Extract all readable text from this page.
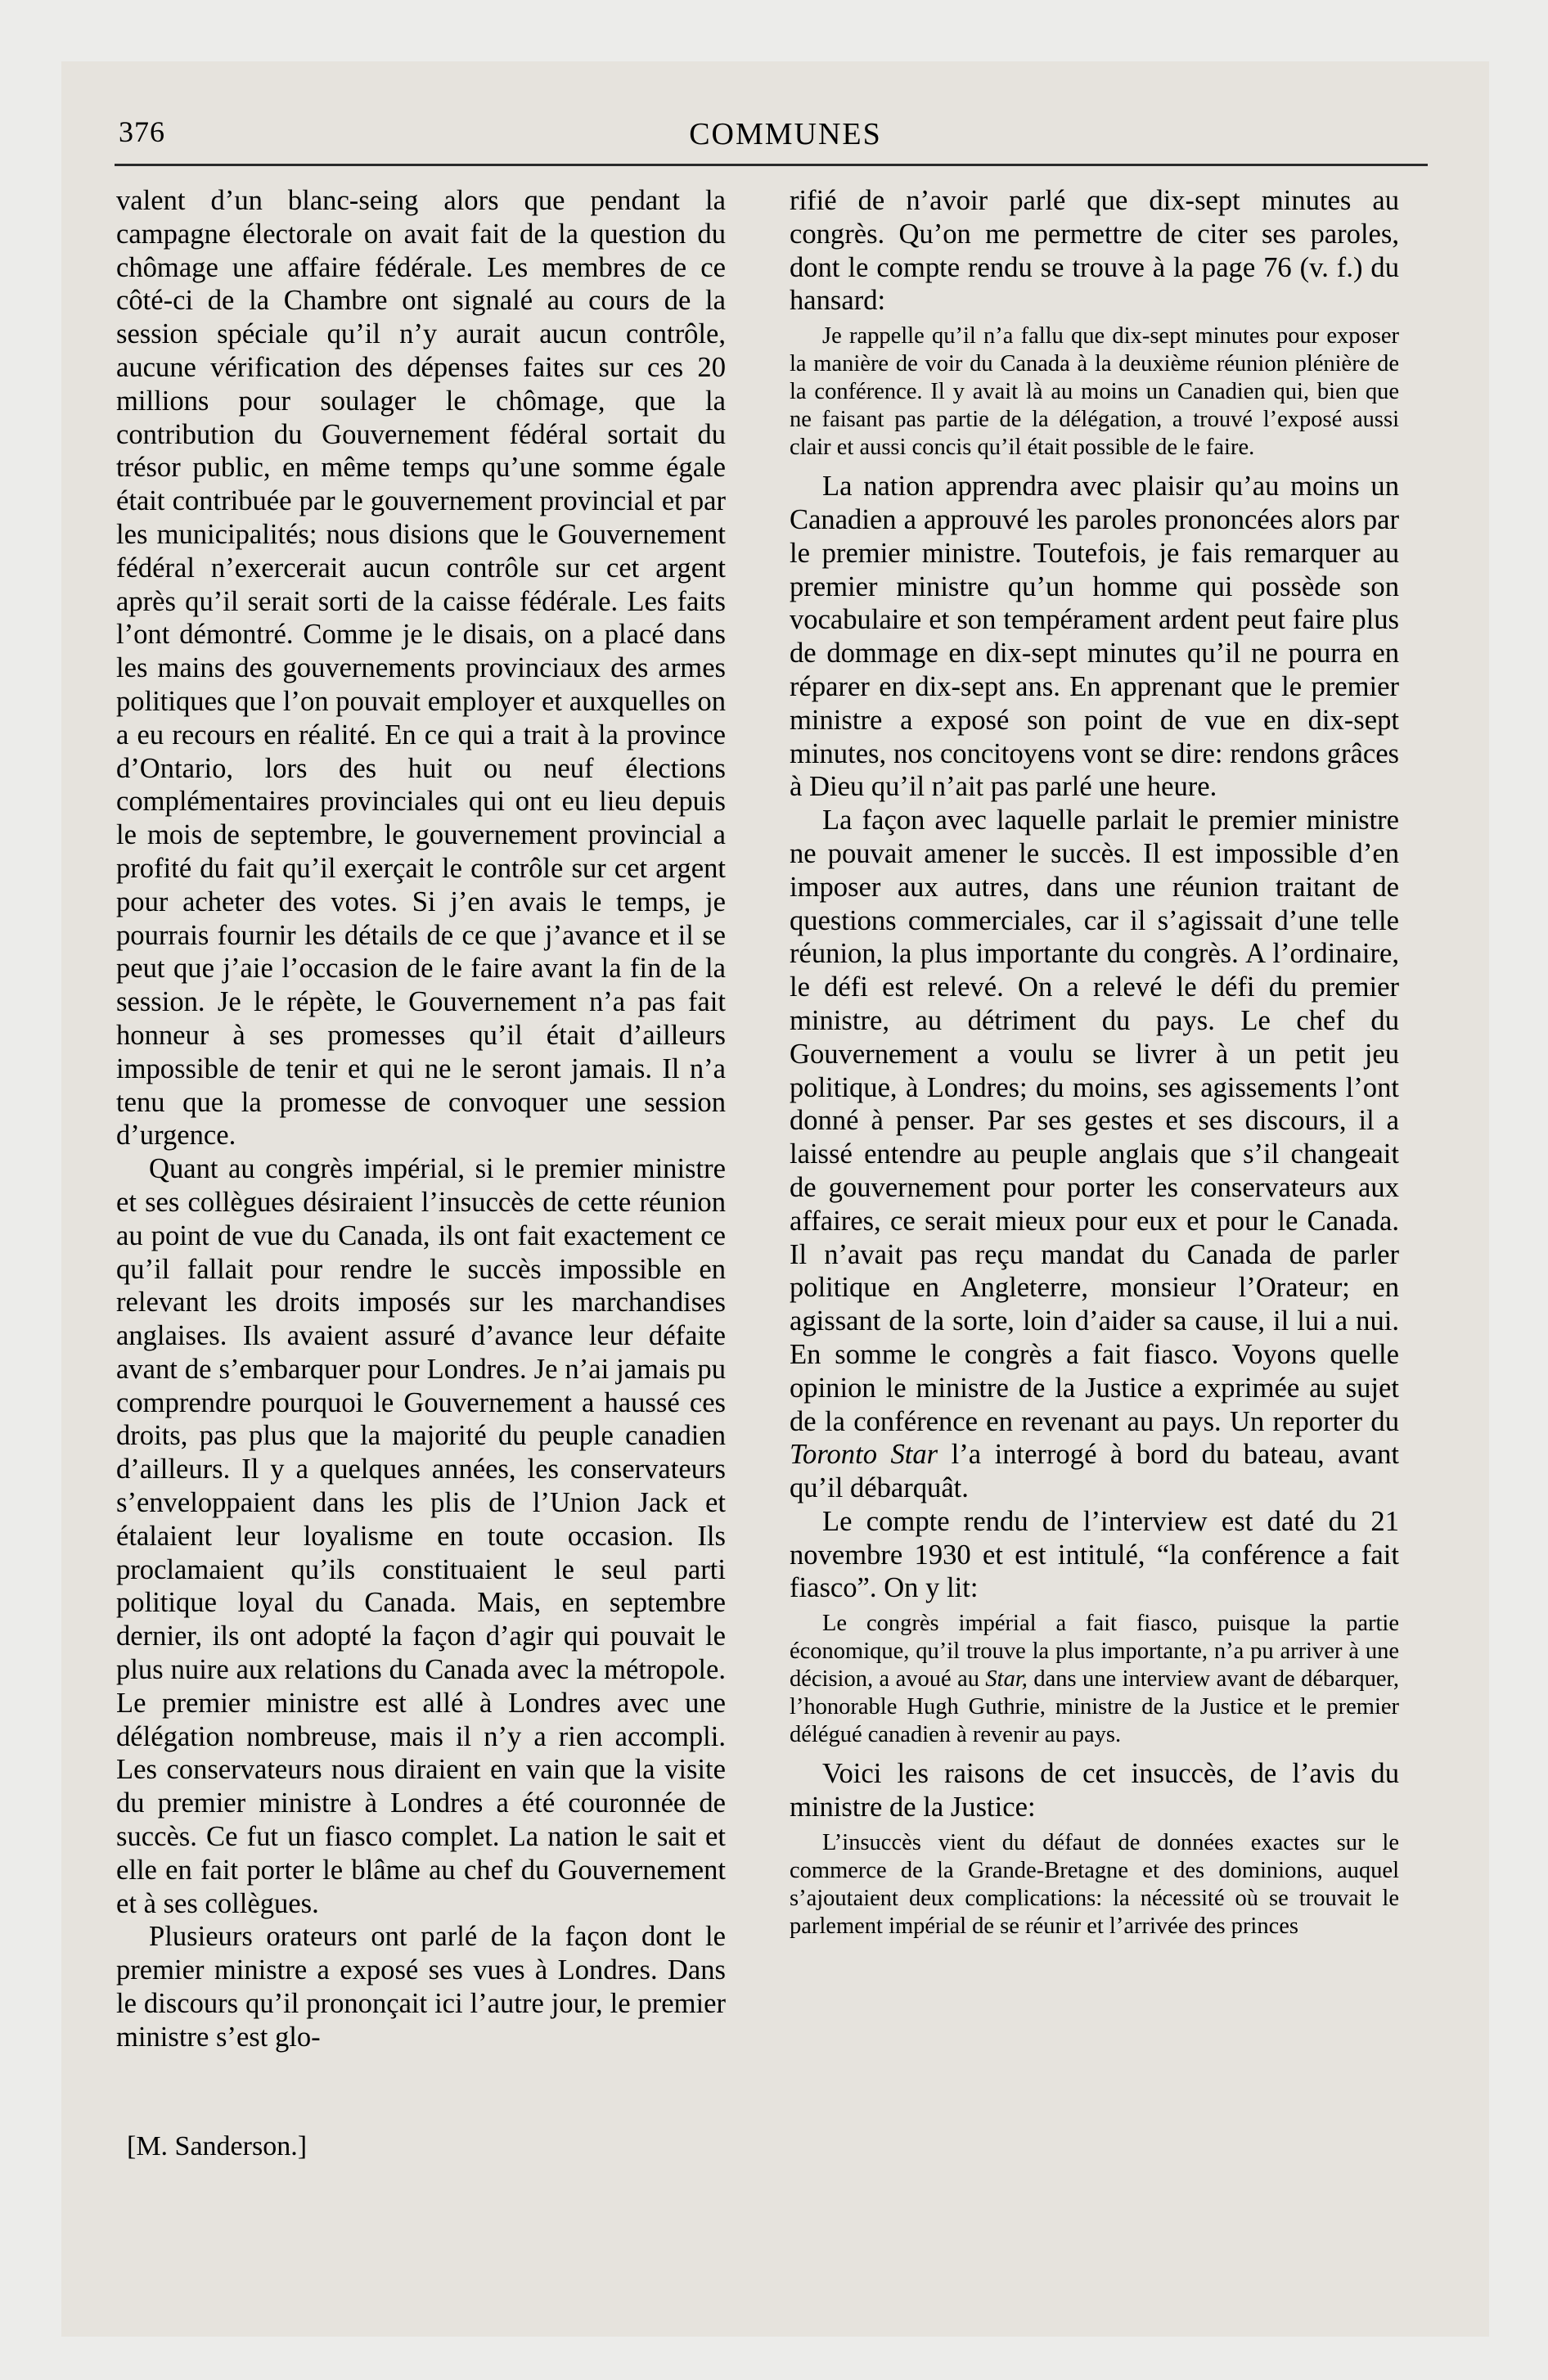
376	COMMUNES

valent d’un blanc-seing alors que pendant la campagne électorale on avait fait de la question du chômage une affaire fédérale. Les membres de ce côté-ci de la Chambre ont signalé au cours de la session spéciale qu’il n’y aurait aucun contrôle, aucune vérification des dépenses faites sur ces 20 millions pour soulager le chômage, que la contribution du Gouvernement fédéral sortait du trésor public, en même temps qu’une somme égale était contribuée par le gouvernement provincial et par les municipalités; nous disions que le Gouvernement fédéral n’exercerait aucun contrôle sur cet argent après qu’il serait sorti de la caisse fédérale. Les faits l’ont démontré. Comme je le disais, on a placé dans les mains des gouvernements provinciaux des armes politiques que l’on pouvait employer et auxquelles on a eu recours en réalité. En ce qui a trait à la province d’Ontario, lors des huit ou neuf élections complémentaires provinciales qui ont eu lieu depuis le mois de septembre, le gouvernement provincial a profité du fait qu’il exerçait le contrôle sur cet argent pour acheter des votes. Si j’en avais le temps, je pourrais fournir les détails de ce que j’avance et il se peut que j’aie l’occasion de le faire avant la fin de la session. Je le répète, le Gouvernement n’a pas fait honneur à ses promesses qu’il était d’ailleurs impossible de tenir et qui ne le seront jamais. Il n’a tenu que la promesse de convoquer une session d’urgence.

Quant au congrès impérial, si le premier ministre et ses collègues désiraient l’insuccès de cette réunion au point de vue du Canada, ils ont fait exactement ce qu’il fallait pour rendre le succès impossible en relevant les droits imposés sur les marchandises anglaises. Ils avaient assuré d’avance leur défaite avant de s’embarquer pour Londres. Je n’ai jamais pu comprendre pourquoi le Gouvernement a haussé ces droits, pas plus que la majorité du peuple canadien d’ailleurs. Il y a quelques années, les conservateurs s’enveloppaient dans les plis de l’Union Jack et étalaient leur loyalisme en toute occasion. Ils proclamaient qu’ils constituaient le seul parti politique loyal du Canada. Mais, en septembre dernier, ils ont adopté la façon d’agir qui pouvait le plus nuire aux relations du Canada avec la métropole. Le premier ministre est allé à Londres avec une délégation nombreuse, mais il n’y a rien accompli. Les conservateurs nous diraient en vain que la visite du premier ministre à Londres a été couronnée de succès. Ce fut un fiasco complet. La nation le sait et elle en fait porter le blâme au chef du Gouvernement et à ses collègues.

Plusieurs orateurs ont parlé de la façon dont le premier ministre a exposé ses vues à Londres. Dans le discours qu’il prononçait ici l’autre jour, le premier ministre s’est glo-

[M. Sanderson.]

rifié de n’avoir parlé que dix-sept minutes au congrès. Qu’on me permettre de citer ses paroles, dont le compte rendu se trouve à la page 76 (v. f.) du hansard:

Je rappelle qu’il n’a fallu que dix-sept minutes pour exposer la manière de voir du Canada à la deuxième réunion plénière de la conférence. Il y avait là au moins un Canadien qui, bien que ne faisant pas partie de la délégation, a trouvé l’exposé aussi clair et aussi concis qu’il était possible de le faire.

La nation apprendra avec plaisir qu’au moins un Canadien a approuvé les paroles prononcées alors par le premier ministre. Toutefois, je fais remarquer au premier ministre qu’un homme qui possède son vocabulaire et son tempérament ardent peut faire plus de dommage en dix-sept minutes qu’il ne pourra en réparer en dix-sept ans. En apprenant que le premier ministre a exposé son point de vue en dix-sept minutes, nos concitoyens vont se dire: rendons grâces à Dieu qu’il n’ait pas parlé une heure.

La façon avec laquelle parlait le premier ministre ne pouvait amener le succès. Il est impossible d’en imposer aux autres, dans une réunion traitant de questions commerciales, car il s’agissait d’une telle réunion, la plus importante du congrès. A l’ordinaire, le défi est relevé. On a relevé le défi du premier ministre, au détriment du pays. Le chef du Gouvernement a voulu se livrer à un petit jeu politique, à Londres; du moins, ses agissements l’ont donné à penser. Par ses gestes et ses discours, il a laissé entendre au peuple anglais que s’il changeait de gouvernement pour porter les conservateurs aux affaires, ce serait mieux pour eux et pour le Canada. Il n’avait pas reçu mandat du Canada de parler politique en Angleterre, monsieur l’Orateur; en agissant de la sorte, loin d’aider sa cause, il lui a nui. En somme le congrès a fait fiasco. Voyons quelle opinion le ministre de la Justice a exprimée au sujet de la conférence en revenant au pays. Un reporter du Toronto Star l’a interrogé à bord du bateau, avant qu’il débarquât.

Le compte rendu de l’interview est daté du 21 novembre 1930 et est intitulé, “la conférence a fait fiasco”. On y lit:

Le congrès impérial a fait fiasco, puisque la partie économique, qu’il trouve la plus importante, n’a pu arriver à une décision, a avoué au Star, dans une interview avant de débarquer, l’honorable Hugh Guthrie, ministre de la Justice et le premier délégué canadien à revenir au pays.

Voici les raisons de cet insuccès, de l’avis du ministre de la Justice:

L’insuccès vient du défaut de données exactes sur le commerce de la Grande-Bretagne et des dominions, auquel s’ajoutaient deux complications: la nécessité où se trouvait le parlement impérial de se réunir et l’arrivée des princes
